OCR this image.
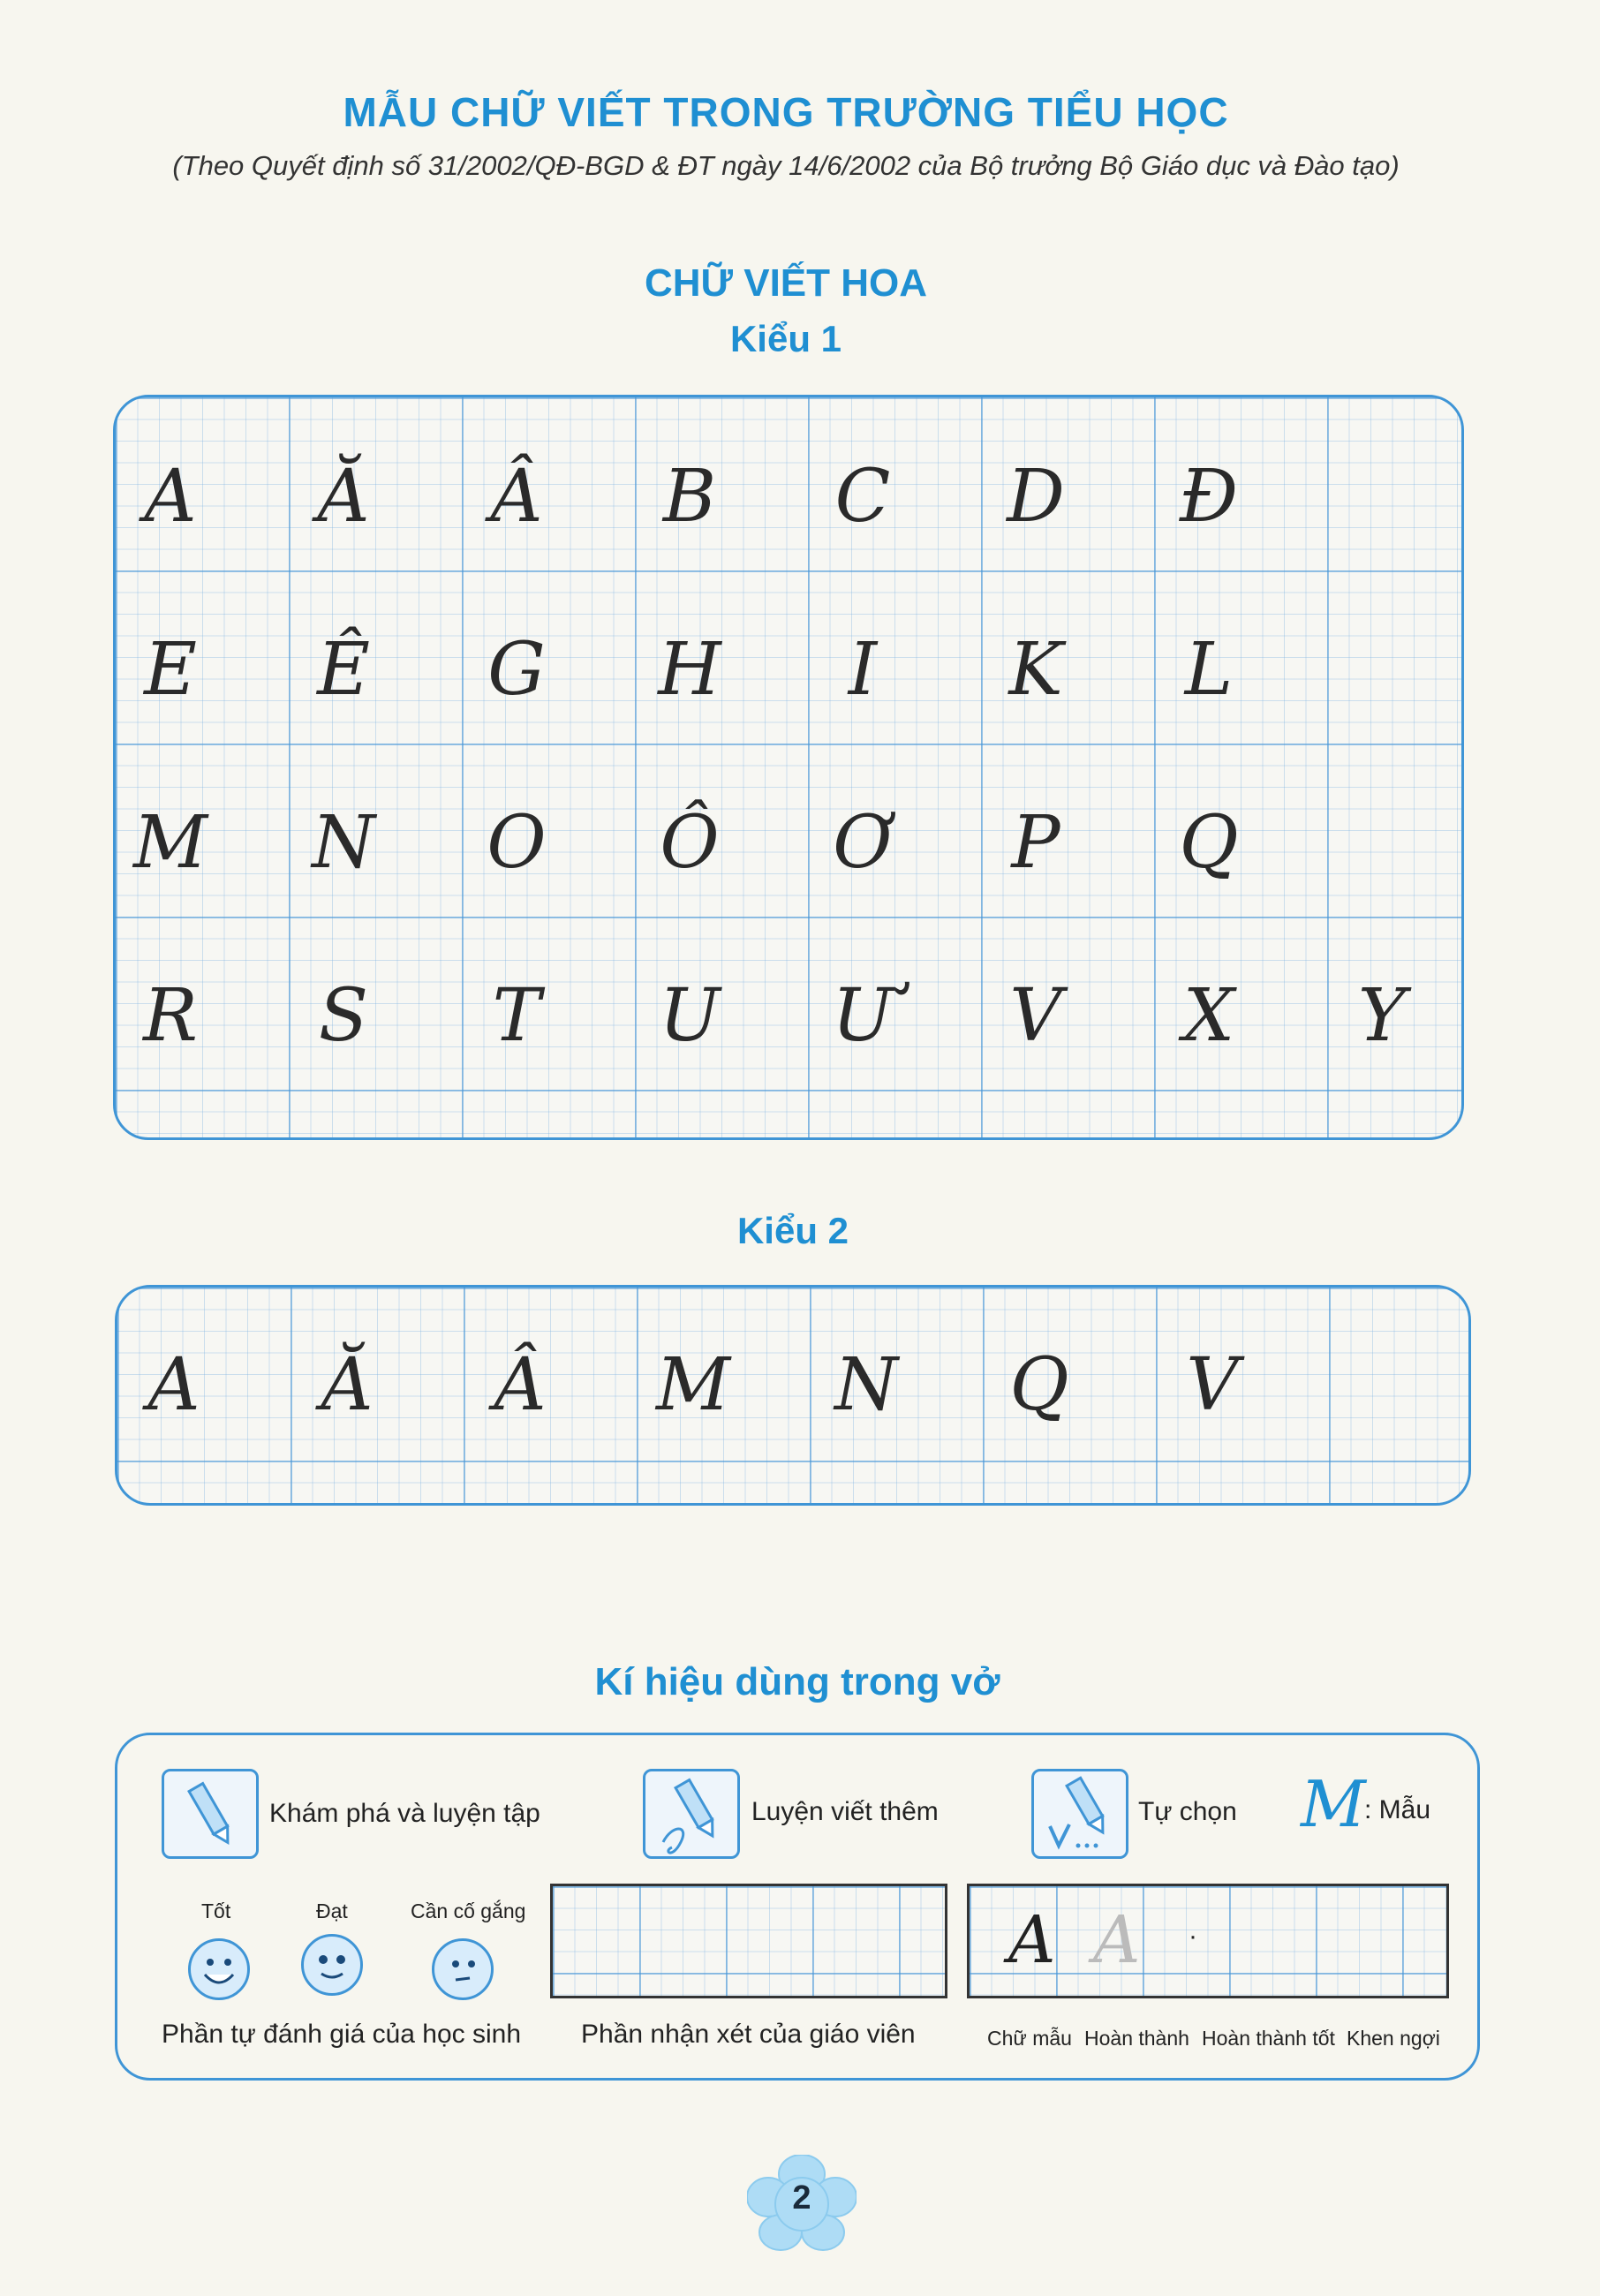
MẪU CHỮ VIẾT TRONG TRƯỜNG TIỂU HỌC
(Theo Quyết định số 31/2002/QĐ-BGD & ĐT ngày 14/6/2002 của Bộ trưởng Bộ Giáo dục và Đào tạo)
CHỮ VIẾT HOA
Kiểu 1
A	Ă	Â	B	C	D	Đ
E	Ê	G	H	I	K	L
M	N	O	Ô	Ơ	P	Q
R	S	T	U	Ư	V	X	Y
Kiểu 2
A	Ă	Â	M	N	Q	V
Kí hiệu dùng trong vở
Khám phá và luyện tập	Luyện viết thêm	Tự chọn M
: Mẫu
Tốt	Đạt	Cần cố gắng
Phần tự đánh giá của học sinh Phần nhận xét của giáo viên
A A ·
Chữ mẫu Hoàn thành Hoàn thành tốt Khen ngợi
2
